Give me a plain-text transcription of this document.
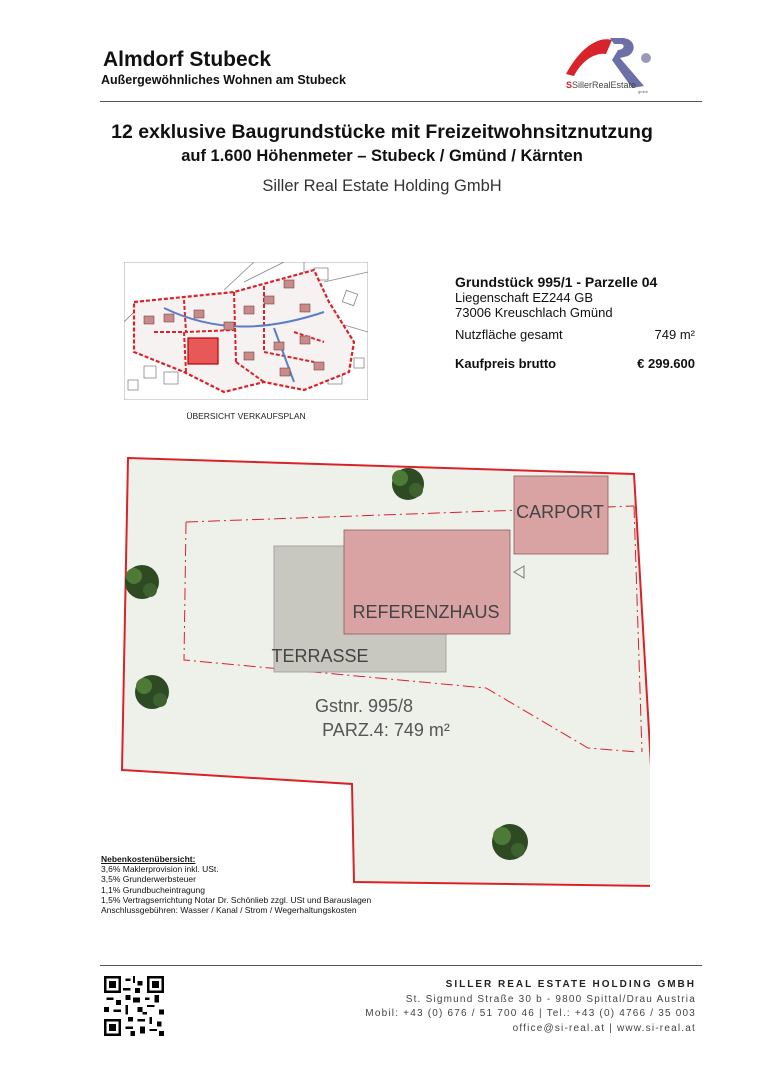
Almdorf Stubeck
Außergewöhnliches Wohnen am Stubeck	SSillerRealEstate
gmbh
12 exklusive Baugrundstücke mit Freizeitwohnsitznutzung
auf 1.600 Höhenmeter – Stubeck / Gmünd / Kärnten
Siller Real Estate Holding GmbH
ÜBERSICHT VERKAUFSPLAN
Grundstück 995/1 - Parzelle 04
Liegenschaft EZ244 GB
73006 Kreuschlach Gmünd
Nutzfläche gesamt	749 m²
Kaufpreis brutto	€ 299.600
CARPORT
REFERENZHAUS
TERRASSE
Gstnr. 995/8
PARZ.4: 749 m²
Nebenkostenübersicht:
3,6% Maklerprovision inkl. USt.
3,5% Grunderwerbsteuer
1,1% Grundbucheintragung
1,5% Vertragserrichtung Notar Dr. Schönlieb zzgl. USt und Barauslagen
Anschlussgebühren: Wasser / Kanal / Strom / Wegerhaltungskosten
SILLER REAL ESTATE HOLDING GMBH
St. Sigmund Straße 30 b - 9800 Spittal/Drau Austria
Mobil: +43 (0) 676 / 51 700 46 | Tel.: +43 (0) 4766 / 35 003
office@si-real.at | www.si-real.at
